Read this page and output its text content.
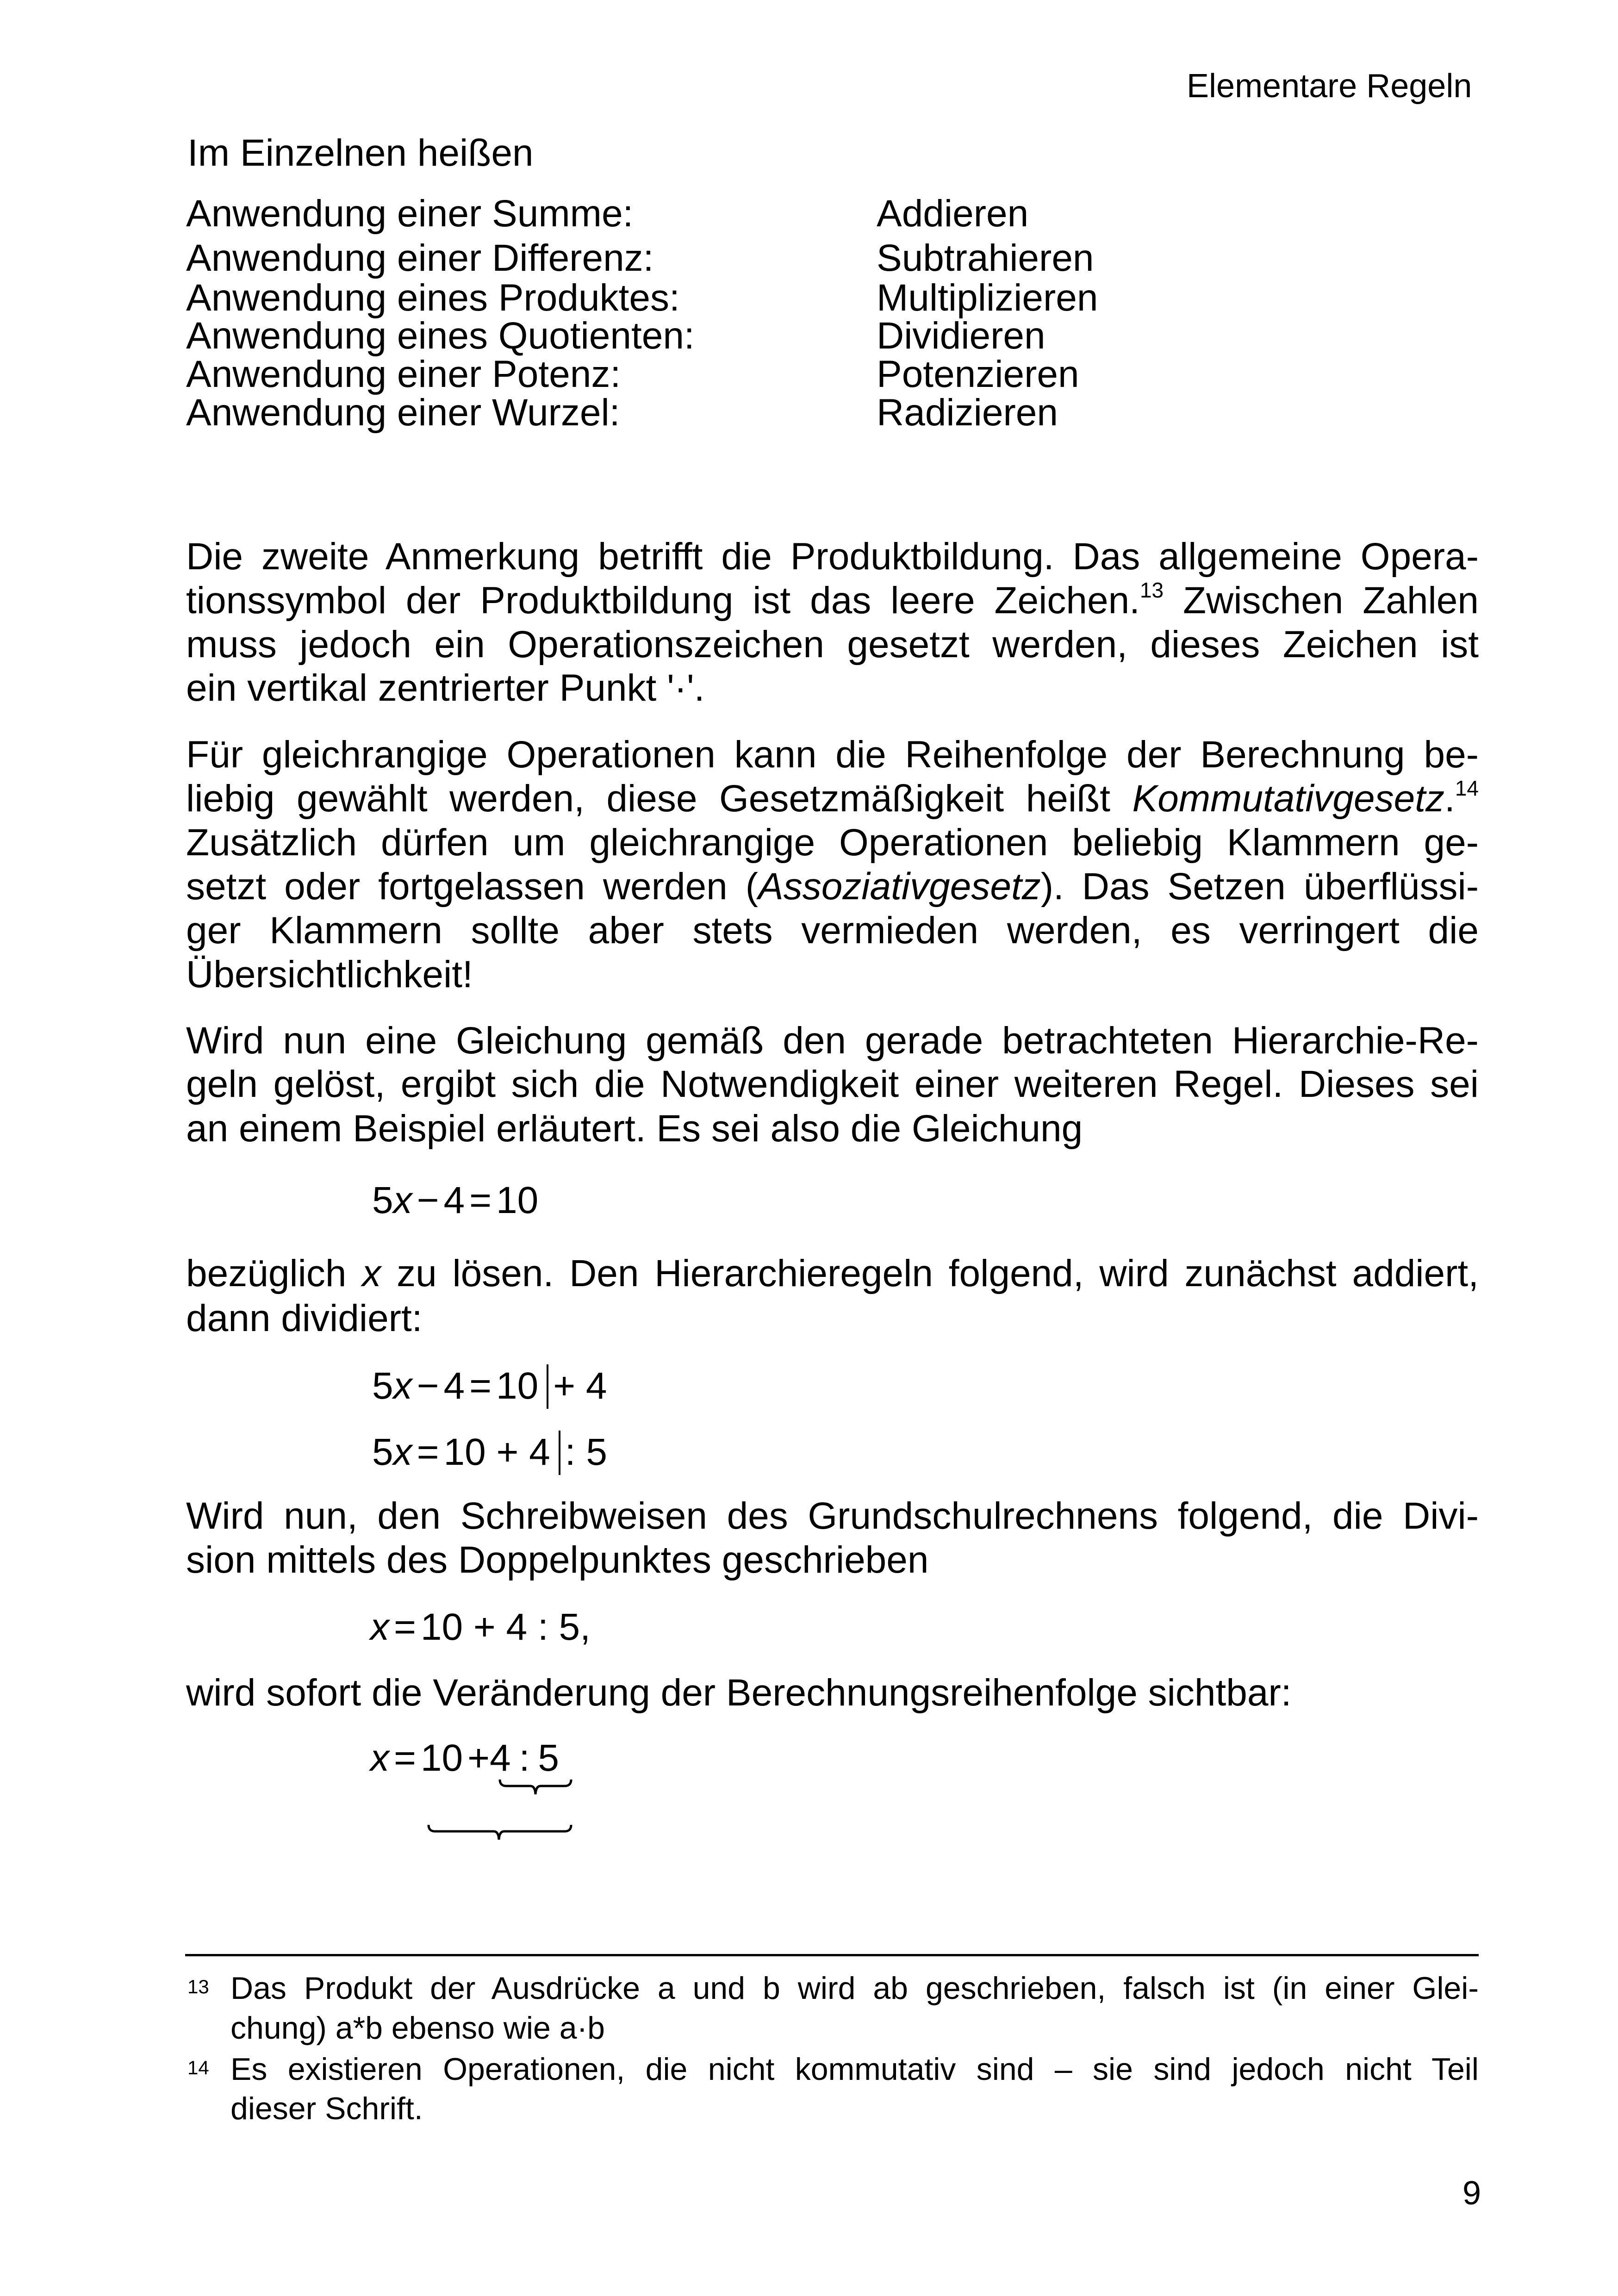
Elementare Regeln
Im Einzelnen heißen
Anwendung einer Summe:	Addieren
Anwendung einer Differenz:	Subtrahieren
Anwendung eines Produktes:	Multiplizieren
Anwendung eines Quotienten:	Dividieren
Anwendung einer Potenz:	Potenzieren
Anwendung einer Wurzel:	Radizieren
Die zweite Anmerkung betrifft die Produktbildung. Das allgemeine Opera-
tionssymbol der Produktbildung ist das leere Zeichen.$^{13}$ Zwischen Zahlen
muss jedoch ein Operationszeichen gesetzt werden, dieses Zeichen ist
ein vertikal zentrierter Punkt '·'.
Für gleichrangige Operationen kann die Reihenfolge der Berechnung be-
liebig gewählt werden, diese Gesetzmäßigkeit heißt Kommutativgesetz.$^{14}$
Zusätzlich dürfen um gleichrangige Operationen beliebig Klammern ge-
setzt oder fortgelassen werden (Assoziativgesetz). Das Setzen überflüssi-
ger Klammern sollte aber stets vermieden werden, es verringert die
Übersichtlichkeit!
Wird nun eine Gleichung gemäß den gerade betrachteten Hierarchie-Re-
geln gelöst, ergibt sich die Notwendigkeit einer weiteren Regel. Dieses sei
an einem Beispiel erläutert. Es sei also die Gleichung
5x − 4 = 10
bezüglich x zu lösen. Den Hierarchieregeln folgend, wird zunächst addiert,
dann dividiert:
5x − 4 = 10 + 4
5x = 10 + 4 : 5
Wird nun, den Schreibweisen des Grundschulrechnens folgend, die Divi-
sion mittels des Doppelpunktes geschrieben
x = 10 + 4 : 5,
wird sofort die Veränderung der Berechnungsreihenfolge sichtbar:
x = 10 +4 : 5
13 Das Produkt der Ausdrücke a und b wird ab geschrieben, falsch ist (in einer Glei-
chung) a*b ebenso wie a·b
14 Es existieren Operationen, die nicht kommutativ sind – sie sind jedoch nicht Teil
dieser Schrift.
9
